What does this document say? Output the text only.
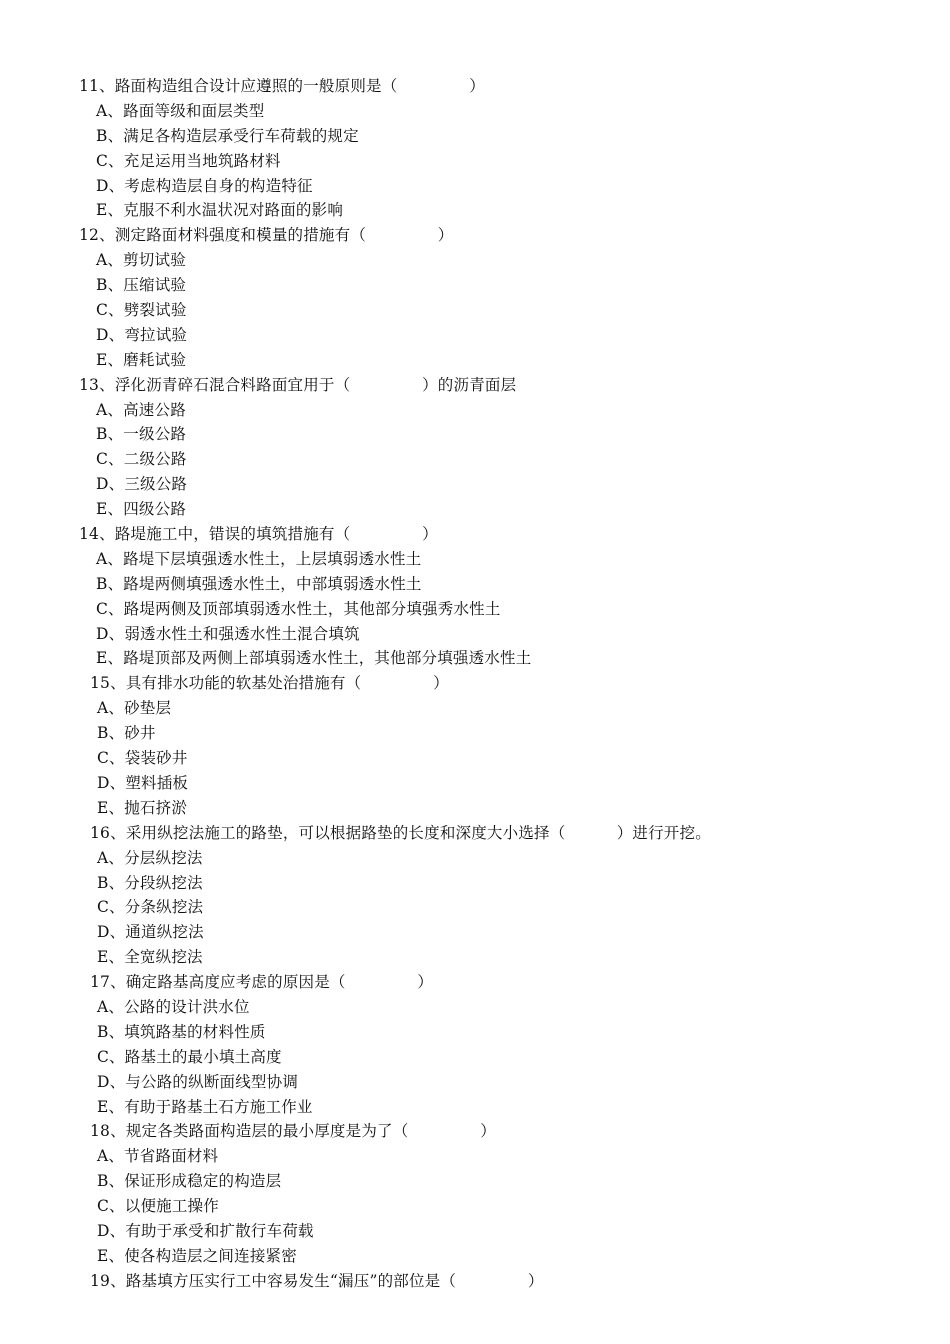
11、路面构造组合设计应遵照的一般原则是（              ）
A、路面等级和面层类型
B、满足各构造层承受行车荷载的规定
C、充足运用当地筑路材料
D、考虑构造层自身的构造特征
E、克服不利水温状况对路面的影响
12、测定路面材料强度和模量的措施有（              ）
A、剪切试验
B、压缩试验
C、劈裂试验
D、弯拉试验
E、磨耗试验
13、浮化沥青碎石混合料路面宜用于（              ）的沥青面层
A、高速公路
B、一级公路
C、二级公路
D、三级公路
E、四级公路
14、路堤施工中，错误的填筑措施有（              ）
A、路堤下层填强透水性土，上层填弱透水性土
B、路堤两侧填强透水性土，中部填弱透水性土
C、路堤两侧及顶部填弱透水性土，其他部分填强秀水性土
D、弱透水性土和强透水性土混合填筑
E、路堤顶部及两侧上部填弱透水性土，其他部分填强透水性土
15、具有排水功能的软基处治措施有（              ）
A、砂垫层
B、砂井
C、袋装砂井
D、塑料插板
E、抛石挤淤
16、采用纵挖法施工的路垫，可以根据路垫的长度和深度大小选择（          ）进行开挖。
A、分层纵挖法
B、分段纵挖法
C、分条纵挖法
D、通道纵挖法
E、全宽纵挖法
17、确定路基高度应考虑的原因是（              ）
A、公路的设计洪水位
B、填筑路基的材料性质
C、路基土的最小填土高度
D、与公路的纵断面线型协调
E、有助于路基土石方施工作业
18、规定各类路面构造层的最小厚度是为了（              ）
A、节省路面材料
B、保证形成稳定的构造层
C、以便施工操作
D、有助于承受和扩散行车荷载
E、使各构造层之间连接紧密
19、路基填方压实行工中容易发生“漏压”的部位是（              ）
